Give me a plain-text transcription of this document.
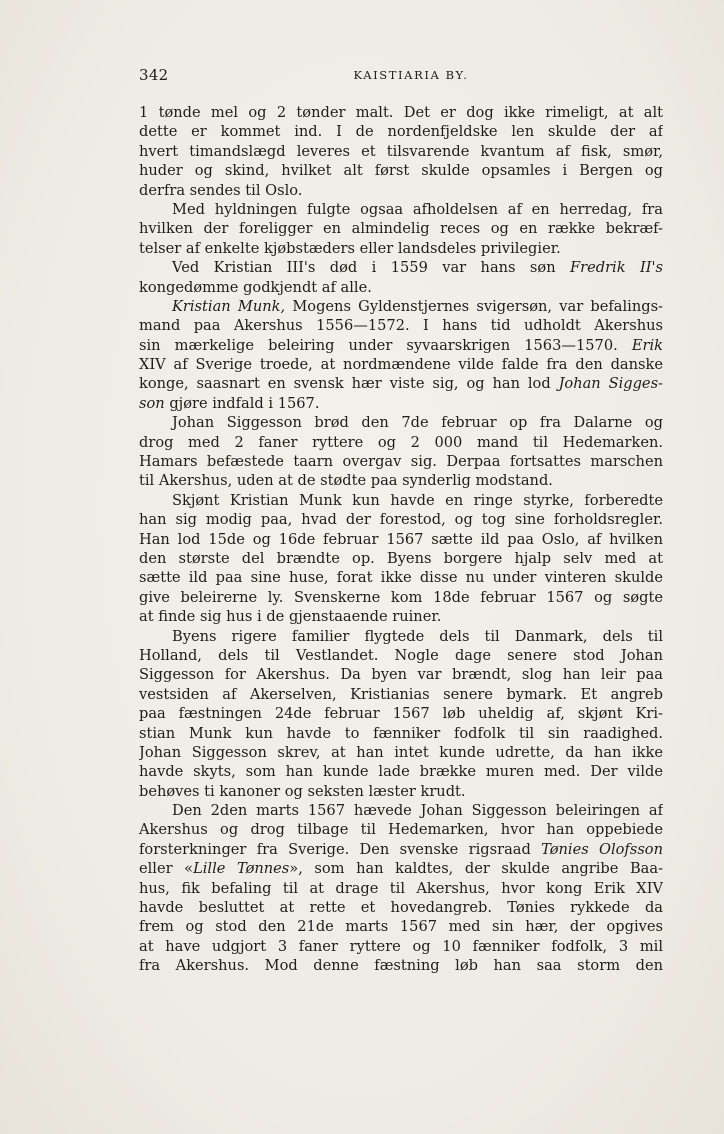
342	KAISTIARIA BY.
1 tønde mel og 2 tønder malt. Det er dog ikke rimeligt, at alt
dette er kommet ind. I de nordenfjeldske len skulde der af
hvert timandslægd leveres et tilsvarende kvantum af fisk, smør,
huder og skind, hvilket alt først skulde opsamles i Bergen og
derfra sendes til Oslo.
Med hyldningen fulgte ogsaa afholdelsen af en herredag, fra
hvilken der foreligger en almindelig reces og en række bekræf-
telser af enkelte kjøbstæders eller landsdeles privilegier.
Ved Kristian III's død i 1559 var hans søn Fredrik II's
kongedømme godkjendt af alle.
Kristian Munk, Mogens Gyldenstjernes svigersøn, var befalings-
mand paa Akershus 1556—1572. I hans tid udholdt Akershus
sin mærkelige beleiring under syvaarskrigen 1563—1570. Erik
XIV af Sverige troede, at nordmændene vilde falde fra den danske
konge, saasnart en svensk hær viste sig, og han lod Johan Sigges-
son gjøre indfald i 1567.
Johan Siggesson brød den 7de februar op fra Dalarne og
drog med 2 faner ryttere og 2 000 mand til Hedemarken.
Hamars befæstede taarn overgav sig. Derpaa fortsattes marschen
til Akershus, uden at de stødte paa synderlig modstand.
Skjønt Kristian Munk kun havde en ringe styrke, forberedte
han sig modig paa, hvad der forestod, og tog sine forholdsregler.
Han lod 15de og 16de februar 1567 sætte ild paa Oslo, af hvilken
den største del brændte op. Byens borgere hjalp selv med at
sætte ild paa sine huse, forat ikke disse nu under vinteren skulde
give beleirerne ly. Svenskerne kom 18de februar 1567 og søgte
at finde sig hus i de gjenstaaende ruiner.
Byens rigere familier flygtede dels til Danmark, dels til
Holland, dels til Vestlandet. Nogle dage senere stod Johan
Siggesson for Akershus. Da byen var brændt, slog han leir paa
vestsiden af Akerselven, Kristianias senere bymark. Et angreb
paa fæstningen 24de februar 1567 løb uheldig af, skjønt Kri-
stian Munk kun havde to fænniker fodfolk til sin raadighed.
Johan Siggesson skrev, at han intet kunde udrette, da han ikke
havde skyts, som han kunde lade brække muren med. Der vilde
behøves ti kanoner og seksten læster krudt.
Den 2den marts 1567 hævede Johan Siggesson beleiringen af
Akershus og drog tilbage til Hedemarken, hvor han oppebiede
forsterkninger fra Sverige. Den svenske rigsraad Tønies Olofsson
eller «Lille Tønnes», som han kaldtes, der skulde angribe Baa-
hus, fik befaling til at drage til Akershus, hvor kong Erik XIV
havde besluttet at rette et hovedangreb. Tønies rykkede da
frem og stod den 21de marts 1567 med sin hær, der opgives
at have udgjort 3 faner ryttere og 10 fænniker fodfolk, 3 mil
fra Akershus. Mod denne fæstning løb han saa storm den
